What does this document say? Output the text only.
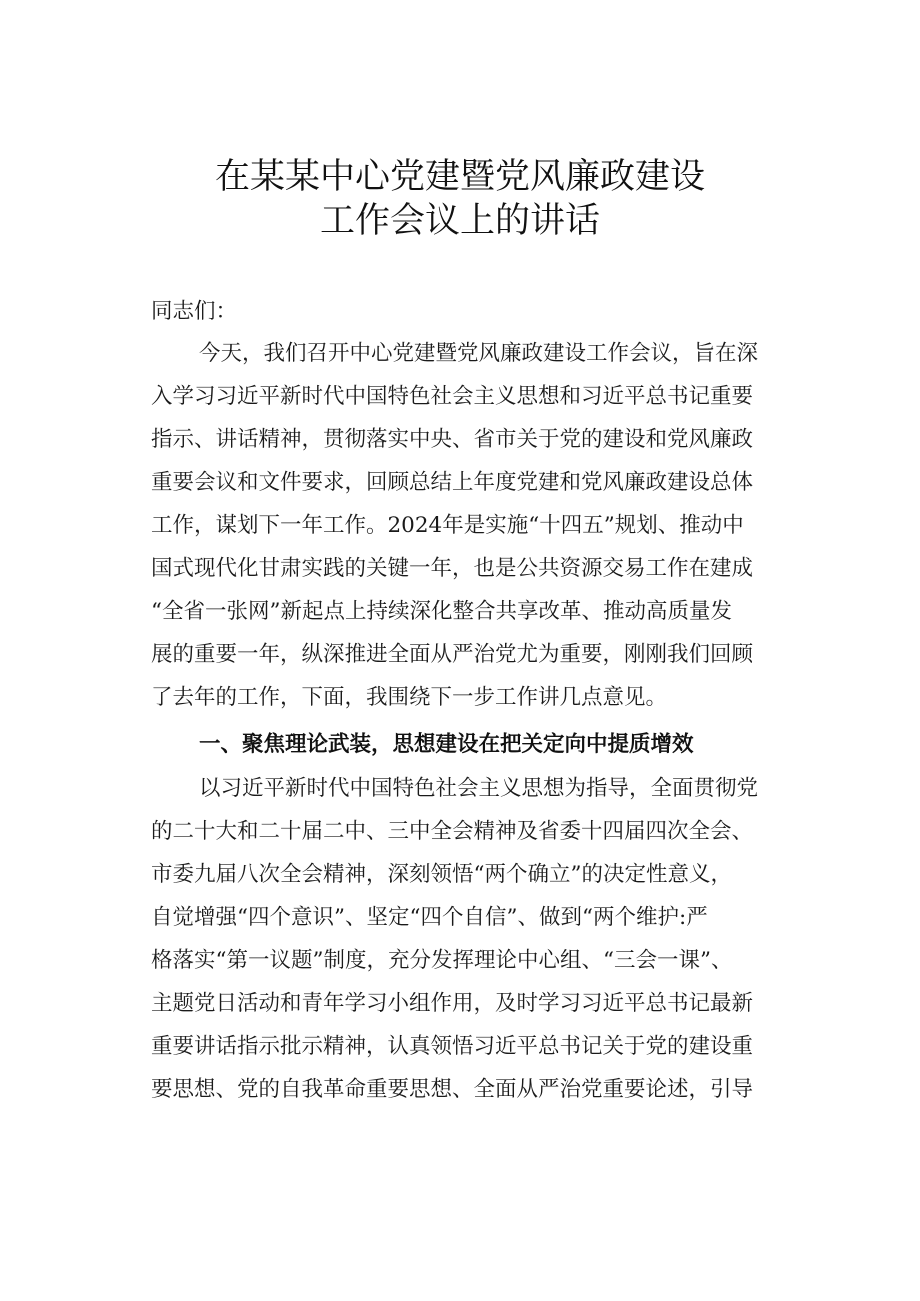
在某某中心党建暨党风廉政建设
工作会议上的讲话
同志们：
今天，我们召开中心党建暨党风廉政建设工作会议，旨在深
入学习习近平新时代中国特色社会主义思想和习近平总书记重要
指示、讲话精神，贯彻落实中央、省市关于党的建设和党风廉政
重要会议和文件要求，回顾总结上年度党建和党风廉政建设总体
工作，谋划下一年工作。2024年是实施“十四五”规划、推动中
国式现代化甘肃实践的关键一年，也是公共资源交易工作在建成
“全省一张网”新起点上持续深化整合共享改革、推动高质量发
展的重要一年，纵深推进全面从严治党尤为重要，刚刚我们回顾
了去年的工作，下面，我围绕下一步工作讲几点意见。
一、聚焦理论武装，思想建设在把关定向中提质增效
以习近平新时代中国特色社会主义思想为指导，全面贯彻党
的二十大和二十届二中、三中全会精神及省委十四届四次全会、
市委九届八次全会精神，深刻领悟“两个确立”的决定性意义，
自觉增强“四个意识”、坚定“四个自信”、做到“两个维护:严
格落实“第一议题”制度，充分发挥理论中心组、“三会一课”、
主题党日活动和青年学习小组作用，及时学习习近平总书记最新
重要讲话指示批示精神，认真领悟习近平总书记关于党的建设重
要思想、党的自我革命重要思想、全面从严治党重要论述，引导
